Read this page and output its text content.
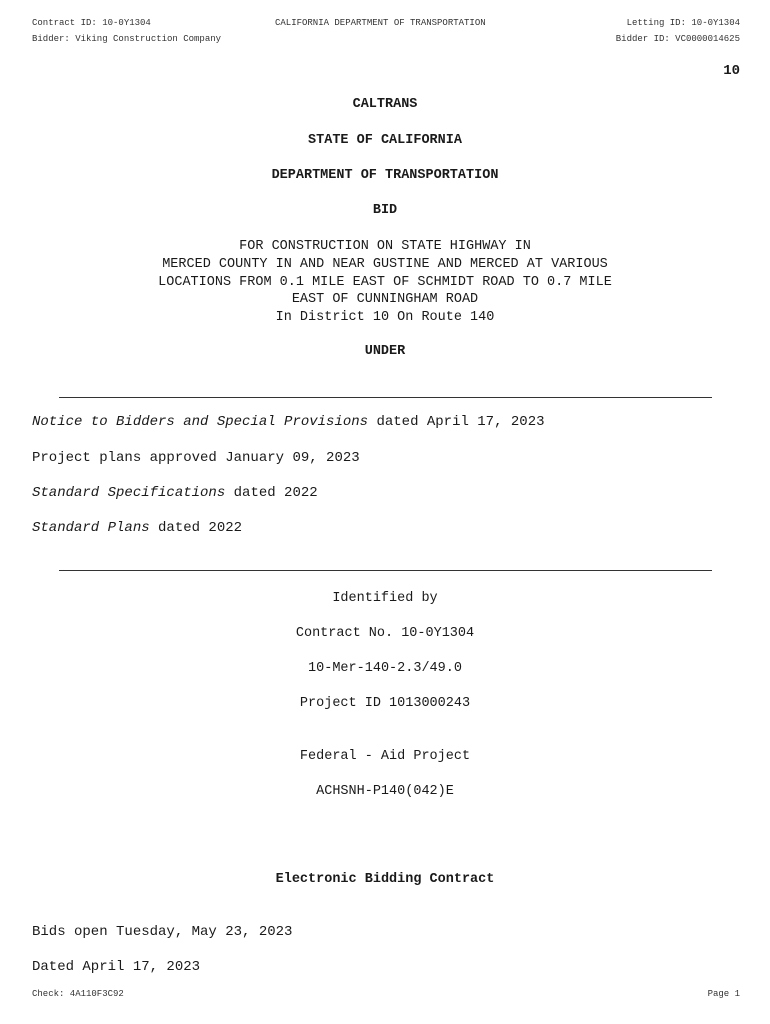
Contract ID: 10-0Y1304	CALIFORNIA DEPARTMENT OF TRANSPORTATION	Letting ID: 10-0Y1304
Bidder: Viking Construction Company	Bidder ID: VC0000014625
10
CALTRANS
STATE OF CALIFORNIA
DEPARTMENT OF TRANSPORTATION
BID
FOR CONSTRUCTION ON STATE HIGHWAY IN
MERCED COUNTY IN AND NEAR GUSTINE AND MERCED AT VARIOUS
LOCATIONS FROM 0.1 MILE EAST OF SCHMIDT ROAD TO 0.7 MILE
EAST OF CUNNINGHAM ROAD
In District 10 On Route 140
UNDER
Notice to Bidders and Special Provisions dated April 17, 2023
Project plans approved January 09, 2023
Standard Specifications dated 2022
Standard Plans dated 2022
Identified by
Contract No. 10-0Y1304
10-Mer-140-2.3/49.0
Project ID 1013000243
Federal - Aid Project
ACHSNH-P140(042)E
Electronic Bidding Contract
Bids open Tuesday, May 23, 2023
Dated April 17, 2023
Check: 4A110F3C92	Page 1
